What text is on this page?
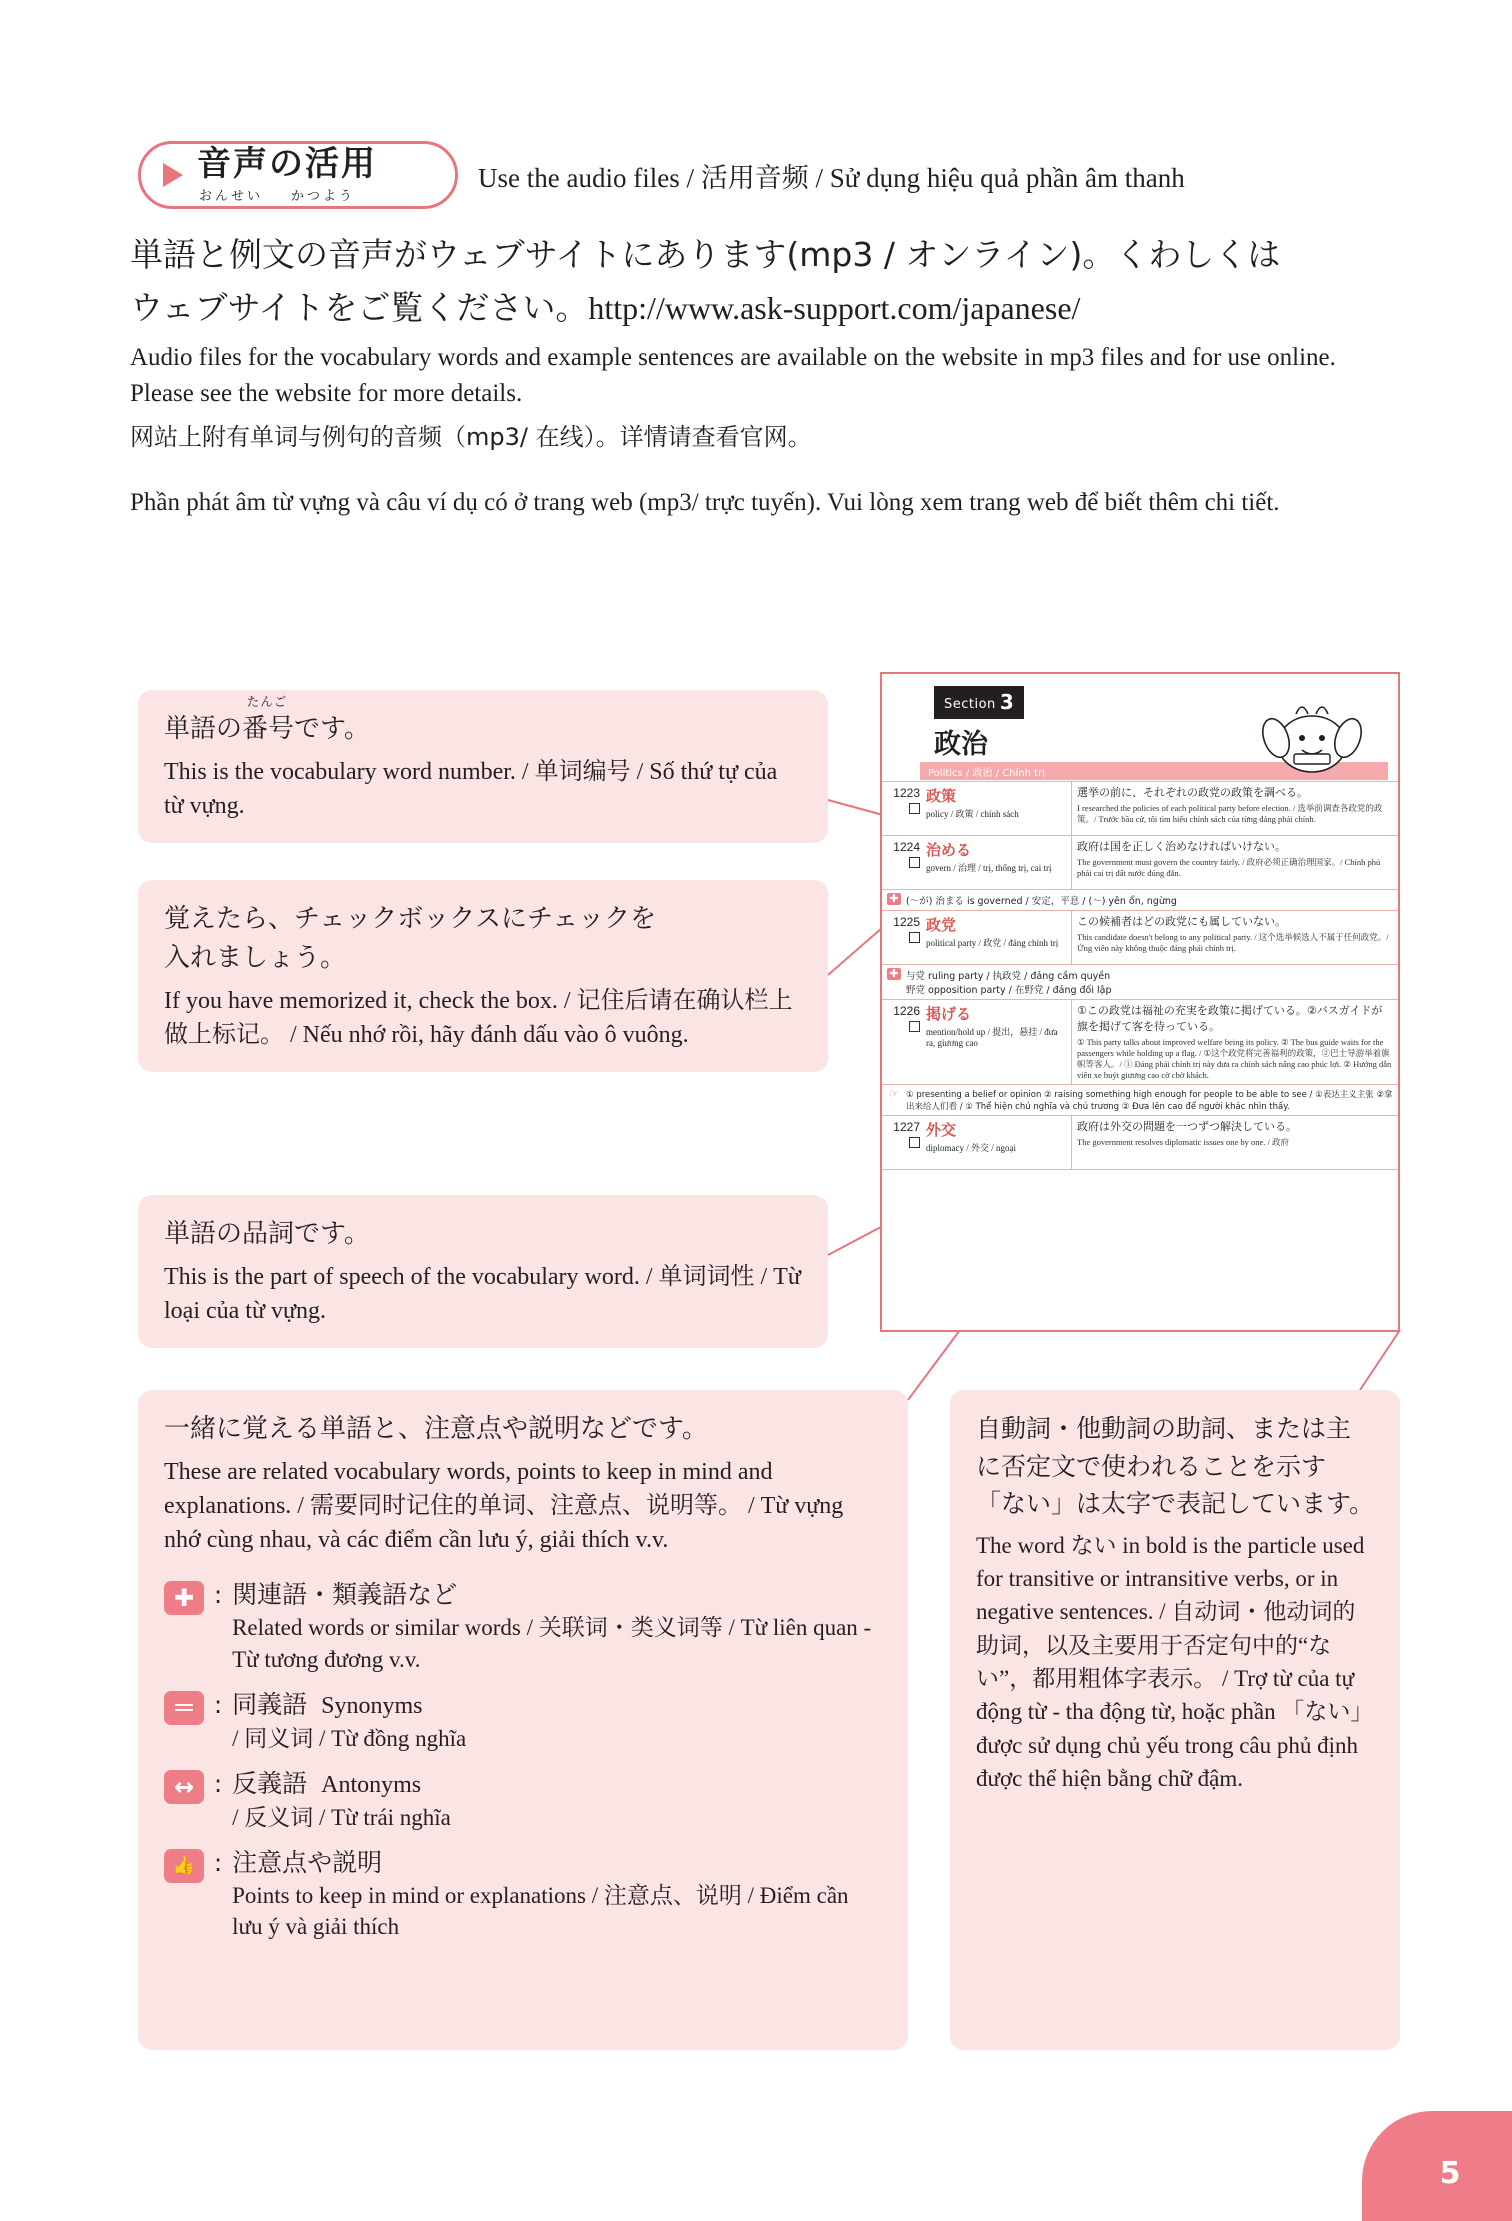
音声の活用
おんせい かつよう
Use the audio files / 活用音频 / Sử dụng hiệu quả phần âm thanh
単語と例文の音声がウェブサイトにあります(mp3 / オンライン)。くわしくは
ウェブサイトをご覧ください。http://www.ask-support.com/japanese/
Audio files for the vocabulary words and example sentences are available on the website in mp3 files and for use online. Please see the website for more details.
网站上附有单词与例句的音频（mp3/ 在线）。详情请查看官网。
Phần phát âm từ vựng và câu ví dụ có ở trang web (mp3/ trực tuyến). Vui lòng xem trang web để biết thêm chi tiết.
たんご
単語の番号です。
This is the vocabulary word number. / 单词编号 / Số thứ tự của từ vựng.
覚えたら、チェックボックスにチェックを
入れましょう。
If you have memorized it, check the box. / 记住后请在确认栏上做上标记。 / Nếu nhớ rồi, hãy đánh dấu vào ô vuông.
単語の品詞です。
This is the part of speech of the vocabulary word. / 单词词性 / Từ loại của từ vựng.
一緒に覚える単語と、注意点や説明などです。
These are related vocabulary words, points to keep in mind and explanations. / 需要同时记住的单词、注意点、说明等。 / Từ vựng nhớ cùng nhau, và các điểm cần lưu ý, giải thích v.v.
✚ : 関連語・類義語など
Related words or similar words / 关联词・类义词等 / Từ liên quan - Từ tương đương v.v.
＝ : 同義語 Synonyms
/ 同义词 / Từ đồng nghĩa
↔ : 反義語 Antonyms
/ 反义词 / Từ trái nghĩa
👍 : 注意点や説明
Points to keep in mind or explanations / 注意点、说明 / Điểm cần lưu ý và giải thích
自動詞・他動詞の助詞、または主に否定文で使われることを示す「ない」は太字で表記しています。
The word ない in bold is the particle used for transitive or intransitive verbs, or in negative sentences. / 自动词・他动词的助词，以及主要用于否定句中的“ない”，都用粗体字表示。 / Trợ từ của tự động từ - tha động từ, hoặc phần 「ない」được sử dụng chủ yếu trong câu phủ định được thể hiện bằng chữ đậm.
Section 3
政治
Politics / 政治 / Chính trị
1223 政策
policy / 政策 / chính sách
選挙の前に、それぞれの政党の政策を調べる。
I researched the policies of each political party before election. / 选举前调查各政党的政策。/ Trước bầu cử, tôi tìm hiểu chính sách của từng đảng phái chính.
1224 治める
govern / 治理 / trị, thống trị, cai trị
政府は国を正しく治めなければいけない。
The government must govern the country fairly. / 政府必须正确治理国家。/ Chính phủ phải cai trị đất nước đúng đắn.
✚ (〜が) 治まる is governed / 安定，平息 / (〜) yên ổn, ngừng
1225 政党
political party / 政党 / đảng chính trị
この候補者はどの政党にも属していない。
This candidate doesn't belong to any political party. / 这个选举候选人不属于任何政党。/ Ứng viên này không thuộc đảng phái chính trị.
✚ 与党 ruling party / 执政党 / đảng cầm quyền
野党 opposition party / 在野党 / đảng đối lập
1226 掲げる
mention/hold up / 提出，悬挂 / đưa ra, giương cao
①この政党は福祉の充実を政策に掲げている。②バスガイドが旗を掲げて客を待っている。
① This party talks about improved welfare being its policy. ② The bus guide waits for the passengers while holding up a flag. / ①这个政党将完善福利的政策，②巴士导游举着旗帜等客人。/ ① Đảng phái chính trị này đưa ra chính sách nâng cao phúc lợi. ② Hướng dẫn viên xe buýt giương cao cờ chờ khách.
☞ ① presenting a belief or opinion ② raising something high enough for people to be able to see / ①表达主义主张 ②拿出来给人们看 / ① Thể hiện chủ nghĩa và chủ trương ② Đưa lên cao để người khác nhìn thấy.
1227 外交
diplomacy / 外交 / ngoại
政府は外交の問題を一つずつ解決している。
The government resolves diplomatic issues one by one. / 政府
5
